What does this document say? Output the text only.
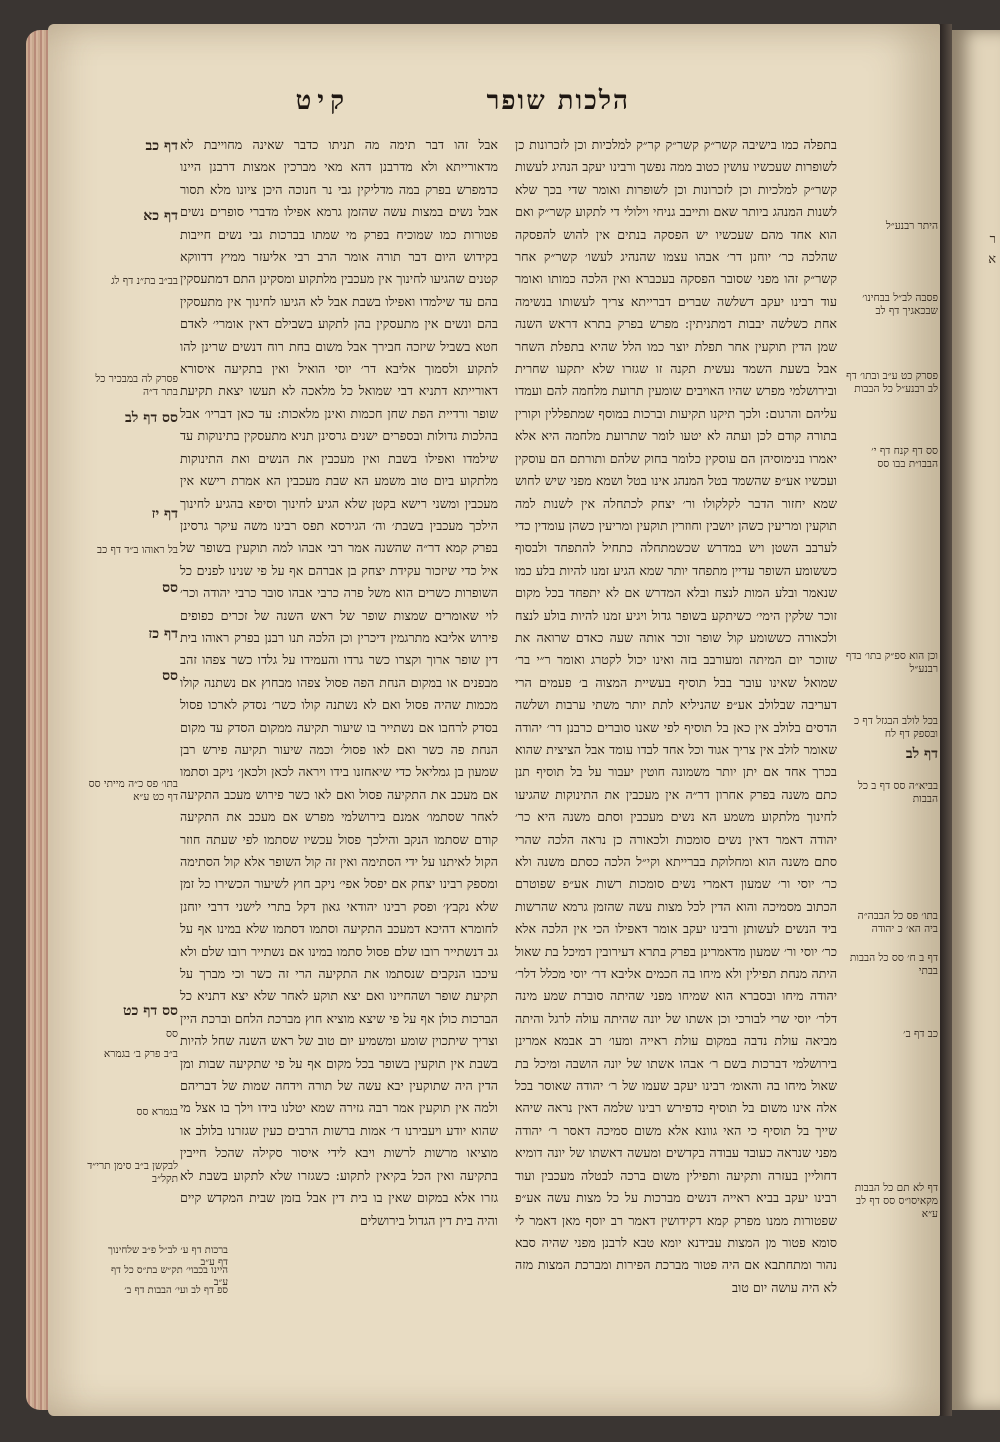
ר
א
הלכות שופר
קיט

בתפלה כמו בישיבה קשר״ק קשר״ק קר״ק למלכיות וכן לזכרונות כן לשופרות שעכשיו עושין כטוב ממה נפשך ורבינו יעקב הנהיג לעשות קשר״ק למלכיות וכן לזכרונות וכן לשופרות ואומר שדי בכך שלא לשנות המנהג ביותר שאם ותייבב גניחי וילולי די לתקוע קשר״ק ואם הוא אחד מהם שעכשיו יש הפסקה בנתים אין להוש להפסקה שהלכה כר׳ יוחנן דר׳ אבהו עצמו שהנהיג לעשו׳ קשר״ק אחר קשר״ק זהו מפני שסובר הפסקה בעכברא ואין הלכה כמותו ואומר עוד רבינו יעקב דשלשה שברים דברייתא צריך לעשותו בנשימה אחת כשלשה יבבות דמתניתין: מפרש בפרק בתרא דראש השנה שמן הדין תוקעין אחר תפלת יוצר כמו הלל שהיא בתפלת השחר אבל בשעת השמד נעשית תקנה זו שגזרו שלא יתקעו שחרית ובירושלמי מפרש שהיו האויבים שומעין תרועת מלחמה להם ועמדו עליהם והרגום: ולכך תיקנו תקיעות וברכות במוסף שמתפללין וקורין בתורה קודם לכן ועתה לא יטעו לומר שתרועת מלחמה היא אלא יאמרו בנימוסיהן הם עוסקין כלומר בחוק שלהם ותורתם הם עוסקין ועכשיו אע״פ שהשמד בטל המנהג אינו בטל ושמא מפני שיש לחוש שמא יחזור הדבר לקלקולו ור׳ יצחק לכתחלה אין לשנות למה תוקעין ומריעין כשהן יושבין וחוזרין תוקעין ומריעין כשהן עומדין כדי לערבב השטן ויש במדרש שכשמתחלה כתחיל להתפחד ולבסוף כששומע השופר עדיין מתפחד יותר שמא הגיע זמנו להיות בלע כמו שנאמר ובלע המות לנצח ובלא המדרש אם לא יתפחד בכל מקום זוכר שלקין הימי׳ כשיתקע בשופר גדול ויגיע זמנו להיות בולע לנצח ולכאורה כששומע קול שופר זוכר אותה שעה כאדם שרואה את שזוכר יום המיתה ומעורבב בזה ואינו יכול לקטרג ואומר ר״י בר׳ שמואל שאינו עובר בבל תוסיף בעשיית המצוה ב׳ פעמים הרי דעריבה שבלולב אע״פ שהניליא לתת יותר משתי ערבות ושלשה הדסים בלולב אין כאן בל תוסיף לפי שאנו סוברים כרבנן דר׳ יהודה שאומר לולב אין צריך אגוד וכל אחד לבדו עומד אבל הציצית שהוא בכרך אחד אם יתן יותר משמונה חוטין יעבור על בל תוסיף תנן כתם משנה בפרק אחרון דר״ה אין מעכבין את התינוקות שהגיעו לחינוך מלתקוע משמע הא נשים מעכבין וסתם משנה היא כר׳ יהודה דאמר דאין נשים סומכות ולכאורה כן נראה הלכה שהרי סתם משנה הוא ומחלוקת בברייתא וקי״ל הלכה כסתם משנה ולא כר׳ יוסי ור׳ שמעון דאמרי נשים סומכות רשות אע״פ שפוטרם הכתוב מסמיכה והוא הדין לכל מצות עשה שהזמן גרמא שהרשות ביד הנשים לעשותן ורבינו יעקב אומר דאפילו הכי אין הלכה אלא כר׳ יוסי ור׳ שמעון מדאמרינן בפרק בתרא דעירובין דמיכל בת שאול היתה מנחת תפילין ולא מיחו בה חכמים אליבא דר׳ יוסי מכלל דלר׳ יהודה מיחו ובסברא הוא שמיחו מפני שהיתה סוברת שמע מינה דלר׳ יוסי שרי לבורכי וכן אשתו של יונה שהיתה עולה לרגל והיתה מביאה עולת נדבה במקום עולת ראייה ומעו׳ רב אבמא אמרינן בירושלמי דברכות בשם ר׳ אבהו אשתו של יונה הושבה ומיכל בת שאול מיחו בה והאומ׳ רבינו יעקב שעמו של ר׳ יהודה שאוסר בכל אלה אינו משום בל תוסיף כדפירש רבינו שלמה דאין נראה שיהא שייך בל תוסיף כי האי גוונא אלא משום סמיכה דאסר ר׳ יהודה מפני שנראה כעובד עבודה בקדשים ומעשה דאשתו של יונה דומיא דחוליין בעזרה ותקיעה ותפילין משום ברכה לבטלה מעכבין ועוד רבינו יעקב בביא ראייה דנשים מברכות על כל מצות עשה אע״פ שפטורות ממנו מפרק קמא דקידושין דאמר רב יוסף מאן דאמר לי סומא פטור מן המצות עבידנא יומא טבא לרבנן מפני שהיה סבא נהור ומתחתבא אם היה פטור מברכת הפירות ומברכת המצות מזה לא היה עושה יום טוב

אבל זהו דבר תימה מה תניתו כדבר שאינה מחוייבת לא מדאורייתא ולא מדרבנן דהא מאי מברכין אמצות דרבנן היינו כדמפרש בפרק במה מדליקין גבי נר חנוכה היכן ציונו מלא תסור אבל נשים במצות עשה שהזמן גרמא אפילו מדברי סופרים נשים פטורות כמו שמוכיח בפרק מי שמתו בברכות גבי נשים חייבות בקידוש היום דבר תורה אומר הרב רבי אליעזר ממיץ דדווקא קטנים שהגיעו לחינוך אין מעכבין מלתקוע ומסקינן התם דמתעסקין בהם עד שילמדו ואפילו בשבת אבל לא הגיעו לחינוך אין מתעסקין בהם ונשים אין מתעסקין בהן לתקוע בשבילם דאין אומרי׳ לאדם חטא בשביל שיזכה חבירך אבל משום בחת רוח דנשים שרינן להו לתקוע ולסמוך אליבא דר׳ יוסי הואיל ואין בתקיעה איסורא דאורייתא דתניא דבי שמואל כל מלאכה לא תעשו יצאת תקיעת שופר ורדיית הפת שחן חכמות ואינן מלאכות: עד כאן דבריו׳ אבל בהלכות גדולות ובספרים ישנים גרסינן תניא מתעסקין בתינוקות עד שילמדו ואפילו בשבת ואין מעכבין את הנשים ואת התינוקות מלתקוע ביום טוב משמע הא שבת מעכבין הא אמרת רישא אין מעכבין ומשני רישא בקטן שלא הגיע לחינוך וסיפא בהגיע לחינוך הילכך מעכבין בשבת׳ וה׳ הגירסא תפס רבינו משה עיקר גרסינן בפרק קמא דר״ה שהשנה אמר רבי אבהו למה תוקעין בשופר של איל כדי שיזכור עקידת יצחק בן אברהם אף על פי שנינו לפנים כל השופרות כשרים הוא משל פרה כרבי אבהו סובר כרבי יהודה וכר׳ לוי שאומרים שמצות שופר של ראש השנה של זכרים כפופים פירוש אליבא מתרגמין דיכרין וכן הלכה תנו רבנן בפרק ראוהו בית דין שופר ארוך וקצרו כשר גרדו והעמידו על גלדו כשר צפהו זהב מבפנים או במקום הנחת הפה פסול צפהו מבחוץ אם נשתנה קולו מכמות שהיה פסול ואם לא נשתנה קולו כשר׳ נסדק לארכו פסול בסדק לרחבו אם נשתייר בו שיעור תקיעה ממקום הסדק עד מקום הנחת פה כשר ואם לאו פסול׳ וכמה שיעור תקיעה פירש רבן שמעון בן גמליאל כדי שיאחזנו בידו ויראה לכאן ולכאן׳ ניקב וסתמו אם מעכב את התקיעה פסול ואם לאו כשר פירוש מעכב התקיעה לאחר שסתמו׳ אמנם בירושלמי מפרש אם מעכב את התקיעה קודם שסתמו הנקב והילכך פסול עכשיו שסתמו לפי שעתה חוזר הקול לאיתנו על ידי הסתימה ואין זה קול השופר אלא קול הסתימה ומספק רבינו יצחק אם יפסל אפי׳ ניקב חוץ לשיעור הכשירו כל זמן שלא נקבץ׳ ופסק רבינו יהודאי גאון דקל בתרי לישני דרבי יוחנן לחומרא דהיכא דמעכב התקיעה וסתמו דסתמו שלא במינו אף על גב דנשתייר רובו שלם פסול סתמו במינו אם נשתייר רובו שלם ולא עיכבו הנקבים שנסתמו את התקיעה הרי זה כשר וכי מברך על תקיעת שופר ושהחיינו ואם יצא תוקע לאחר שלא יצא דתניא כל הברכות כולן אף על פי שיצא מוציא חוץ מברכת הלחם וברכת היין וצריך שיתכוין שומע ומשמיע יום טוב של ראש השנה שחל להיות בשבת אין תוקעין בשופר בכל מקום אף על פי שתקיעה שבות ומן הדין היה שתוקעין יבא עשה של תורה וידחה שמות של דבריהם ולמה אין תוקעין אמר רבה גזירה שמא יטלנו בידו וילך בו אצל מי שהוא יודע ויעבירנו ד׳ אמות ברשות הרבים כעין שגזרנו בלולב או מוציאו מרשות לרשות ויבא לידי איסור סקילה שהכל חייבין בתקיעה ואין הכל בקיאין לתקוע: כשגזרו שלא לתקוע בשבת לא גזרו אלא במקום שאין בו בית דין אבל בזמן שבית המקדש קיים והיה בית דין הגדול בירושלים

דף כב
דף כא
בב״ב בת״נ דף לג
פסרק לה במבכיר כל בתר ד״ה
סס דף לב
דף יז
בל ראוהו ב״ד דף כב
סס
דף כז
סס
בתו׳ פס כ״ה מייתי סס דף כט ע״א
סס דף כט
סס
ב״ב פרק ב׳ בגמרא
בגמרא סס
לבקשן ב״ב סימן תרי״ד תקל״ב
היתר רבנע״ל
פסבה לב״ל בבחינו׳ שבכאגיך דף לב
פסרק כט ע״ב ובתו׳ דף לב רבנע״ל כל הבבות
סס דף קנח דף י׳ הבבו״ת בבו סס
וכן הוא ספ״ק בתו׳ בדף רבנע״ל
בכל לולב הבגזל דף כ ובספק דף לח
דף לב
בביא״ה סס דף ב כל הבבות
בתו׳ פס כל הבבה״ה ביה הא׳ כ יהודה
דף ב ח׳ סס כל הבבות בבתי
כב דף ב׳
דף לא תם כל הבבות מקאיסו״ס סס דף לב ע״א
ברכות דף ע׳ לב״ל פ״ב שלחינוך דף ע״ב
היינו בכבוי׳ תק״ש בת״ס כל דף ע״ב
ספ דף לב ועי׳ הבבות דף ב׳
